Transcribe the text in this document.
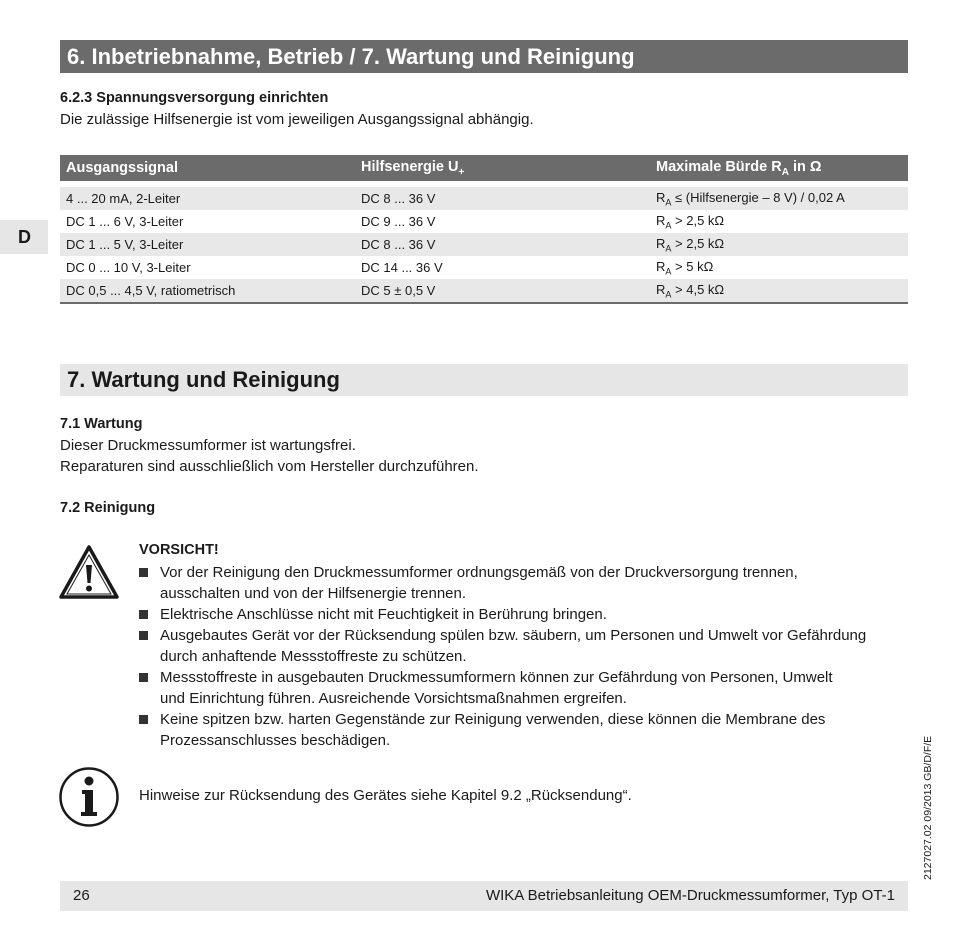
6. Inbetriebnahme, Betrieb / 7. Wartung und Reinigung
D
6.2.3 Spannungsversorgung einrichten
Die zulässige Hilfsenergie ist vom jeweiligen Ausgangssignal abhängig.
Ausgangssignal	Hilfsenergie $U_+$	Maximale Bürde $R_A$ in Ω

4 ... 20 mA, 2-Leiter	DC 8 ... 36 V	$R_A$ ≤ (Hilfsenergie – 8 V) / 0,02 A
DC 1 ... 6 V, 3-Leiter	DC 9 ... 36 V	$R_A > 2,5$ kΩ
DC 1 ... 5 V, 3-Leiter	DC 8 ... 36 V	$R_A > 2,5$ kΩ
DC 0 ... 10 V, 3-Leiter	DC 14 ... 36 V	$R_A > 5$ kΩ
DC 0,5 ... 4,5 V, ratiometrisch	DC 5 ± 0,5 V	$R_A > 4,5$ kΩ
7. Wartung und Reinigung
7.1 Wartung
Dieser Druckmessumformer ist wartungsfrei.
Reparaturen sind ausschließlich vom Hersteller durchzuführen.
7.2 Reinigung
VORSICHT!
Vor der Reinigung den Druckmessumformer ordnungsgemäß von der Druckversorgung trennen,
ausschalten und von der Hilfsenergie trennen.
Elektrische Anschlüsse nicht mit Feuchtigkeit in Berührung bringen.
Ausgebautes Gerät vor der Rücksendung spülen bzw. säubern, um Personen und Umwelt vor Gefährdung
durch anhaftende Messstoffreste zu schützen.
Messstoffreste in ausgebauten Druckmessumformern können zur Gefährdung von Personen, Umwelt
und Einrichtung führen. Ausreichende Vorsichtsmaßnahmen ergreifen.
Keine spitzen bzw. harten Gegenstände zur Reinigung verwenden, diese können die Membrane des
Prozessanschlusses beschädigen.
Hinweise zur Rücksendung des Gerätes siehe Kapitel 9.2 „Rücksendung“.	2127027.02 09/2013 GB/D/F/E
26	WIKA Betriebsanleitung OEM-Druckmessumformer, Typ OT-1
